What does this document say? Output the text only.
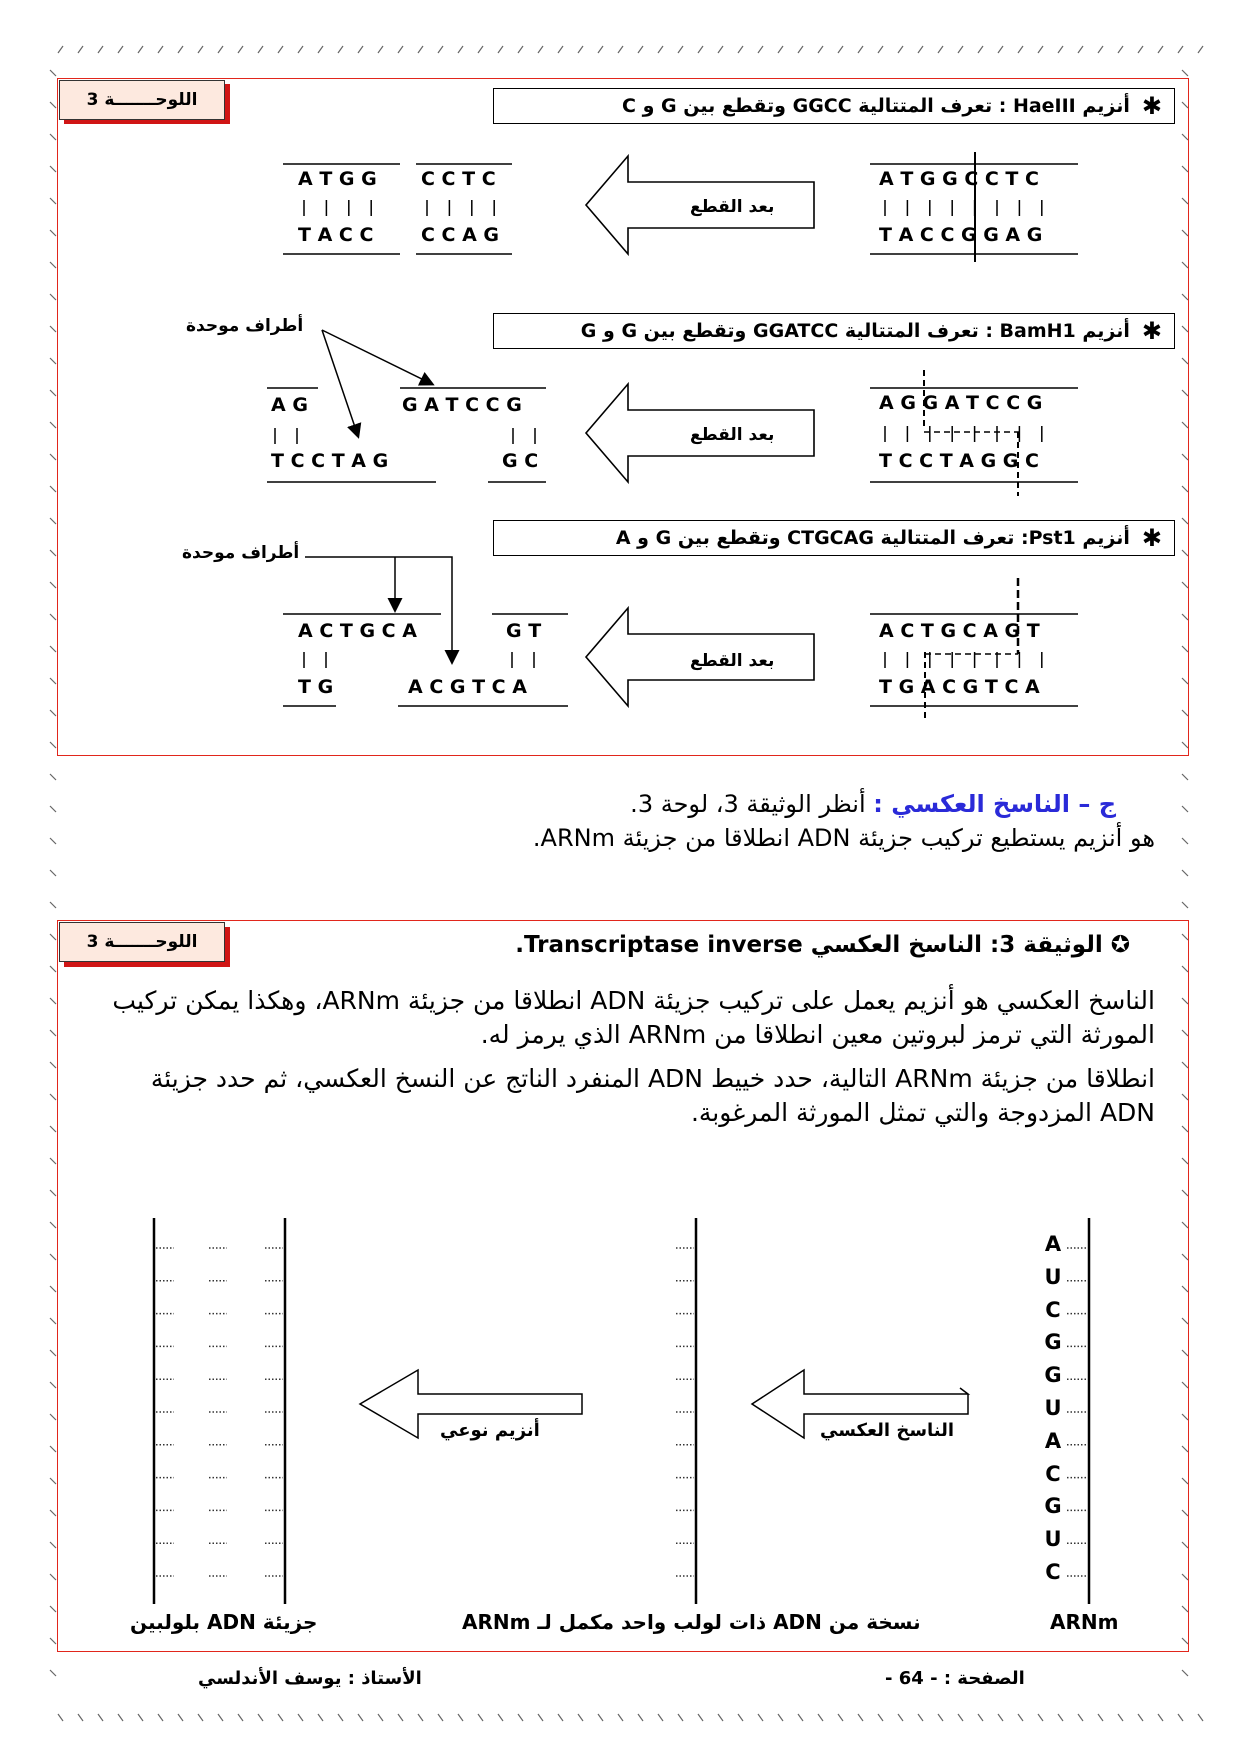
اللوحـــــــة 3	✱
أنزيم HaeIII : تعرف المتتالية GGCC وتقطع بين G و C
✱
أنزيم BamH1 : تعرف المتتالية GGATCC وتقطع بين G و G
✱
أنزيم Pst1: تعرف المتتالية CTGCAG وتقطع بين G و A
A T G G C C T C
T A C C G G A G
A T G G
T A C C
C C T C
C C A G
بعد القطع
أطراف موحدة
A G G A T C C G
T C C T A G G C
A G
T C C T A G
G A T C C G
G C
بعد القطع
أطراف موحدة
A C T G C A G T
T G A C G T C A
A C T G C A
T G
G T
A C G T C A
بعد القطع
ج – الناسخ العكسي : أنظر الوثيقة 3، لوحة 3.
هو أنزيم يستطيع تركيب جزيئة ADN انطلاقا من جزيئة ARNm.
اللوحـــــــة 3	✪الوثيقة 3: الناسخ العكسي Transcriptase inverse.
الناسخ العكسي هو أنزيم يعمل على تركيب جزيئة ADN انطلاقا من جزيئة ARNm، وهكذا يمكن تركيب المورثة التي ترمز لبروتين معين انطلاقا من ARNm الذي يرمز له.
انطلاقا من جزيئة ARNm التالية، حدد خييط ADN المنفرد الناتج عن النسخ العكسي، ثم حدد جزيئة ADN المزدوجة والتي تمثل المورثة المرغوبة.
A
U
C
G
G
U
A
C
G
U
C
الناسخ العكسي
أنزيم نوعي
ARNm
نسخة من ADN ذات لولب واحد مكمل لـ ARNm
جزيئة ADN بلولبين
الأستاذ : يوسف الأندلسي	الصفحة : - 64 -
